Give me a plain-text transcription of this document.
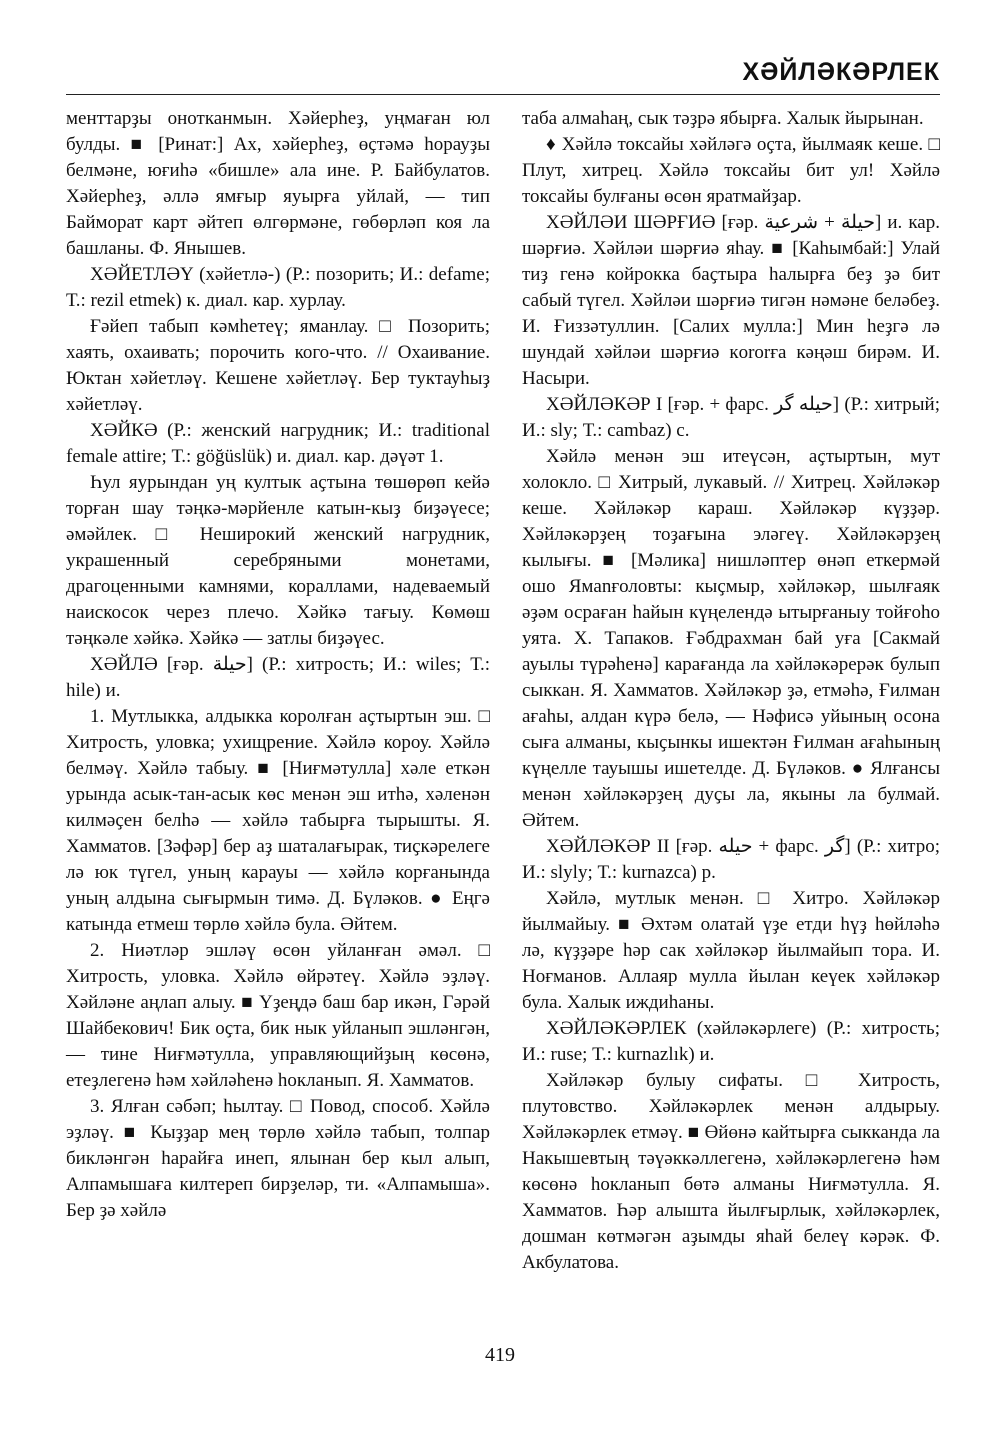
ХӘЙЛӘКӘРЛЕК

менттарҙы онотканмын. Хәйерһеҙ, уңмаған юл булды. ■ [Ринат:] Ах, хәйерһеҙ, өҫтәмә һорауҙы белмәне, юғиһә «бишле» ала ине. Р. Байбулатов. Хәйерһеҙ, әллә ямғыр яуырға уйлай, — тип Байморат карт әйтеп өлгөрмәне, гөбөрләп коя ла башланы. Ф. Янышев.

ХӘЙЕТЛӘҮ (хәйетлә-) (Р.: позорить; И.: defame; Т.: rezil etmek) к. диал. кар. хурлау.

Ғәйеп табып кәмһетеү; яманлау. □ Позорить; хаять, охаивать; порочить кого-что. // Охаивание. Юктан хәйетләү. Кешене хәйетләү. Бер туктауһыҙ хәйетләү.

ХӘЙКӘ (Р.: женский нагрудник; И.: traditional female attire; Т.: göğüslük) и. диал. кар. дәүәт 1.

Һул яурындан уң култык аҫтына төшөрөп кейә торған шау тәңкә-мәрйенле катын-кыҙ биҙәүесе; әмәйлек. □ Неширокий женский нагрудник, украшенный серебряными монетами, драгоценными камнями, кораллами, надеваемый наискосок через плечо. Хәйкә тағыу. Көмөш тәңкәле хәйкә. Хәйкә — затлы биҙәүес.

ХӘЙЛӘ [ғәр. حيلة] (Р.: хитрость; И.: wiles; Т.: hile) и.

1. Мутлыкка, алдыкка королған аҫтыртын эш. □ Хитрость, уловка; ухищрение. Хәйлә короу. Хәйлә белмәү. Хәйлә табыу. ■ [Ниғмәтулла] хәле еткән урында асык-тан-асык көс менән эш итһә, хәленән килмәҫен белһә — хәйлә табырға тырышты. Я. Хамматов. [Зәфәр] бер аҙ шаталағырак, тиҫкәрелеге лә юк түгел, уның карауы — хәйлә корғанында уның алдына сығырмын тимә. Д. Бүләков. ● Еңгә катында етмеш төрлө хәйлә була. Әйтем.

2. Ниәтләр эшләү өсөн уйланған әмәл. □ Хитрость, уловка. Хәйлә өйрәтеү. Хәйлә эҙләү. Хәйләне аңлап алыу. ■ Үҙеңдә баш бар икән, Гәрәй Шайбекович! Бик оҫта, бик нык уйланып эшләнгән, — тине Ниғмәтулла, управляющийҙың көсөнә, етеҙлегенә һәм хәйләһенә һокланып. Я. Хамматов.

3. Ялған сәбәп; һылтау. □ Повод, способ. Хәйлә эҙләү. ■ Кыҙҙар мең төрлө хәйлә табып, толпар бикләнгән һарайға инеп, ялынан бер кыл алып, Алпамышаға килтереп бирҙеләр, ти. «Алпамыша». Бер ҙә хәйлә

таба алмаһаң, сык тәҙрә ябырға. Халык йырынан.

♦ Хәйлә токсайы хәйләгә оҫта, йылмаяк кеше. □ Плут, хитрец. Хәйлә токсайы бит ул! Хәйлә токсайы булғаны өсөн яратмайҙар.

ХӘЙЛӘИ ШӘРҒИӘ [ғәр. حيلة + شرعية] и. кар. шәрғиә. Хәйләи шәрғиә яһау. ■ [Каһымбай:] Улай тиҙ генә койрокка баҫтыра һалырға беҙ ҙә бит сабый түгел. Хәйләи шәрғиә тигән нәмәне беләбеҙ. И. Ғиззәтуллин. [Салих мулла:] Мин һеҙгә лә шундай хәйләи шәрғиә кororға кәңәш бирәм. И. Насыри.

ХӘЙЛӘКӘР I [ғәр. + фарс. حيله گر] (Р.: хитрый; И.: sly; Т.: cambaz) с.

Хәйлә менән эш итеүсән, аҫтыртын, мут холоклo. □ Хитрый, лукавый. // Хитрец. Хәйләкәр кеше. Хәйләкәр караш. Хәйләкәр күҙҙәр. Хәйләкәрҙең тоҙағына эләгеү. Хәйләкәрҙең кылығы. ■ [Мәлика] нишләптер өнәп еткермәй ошо Ямanғоловты: кыҫмыр, хәйләкәр, шылғаяк әҙәм осраған һайын күңелендә ытырғаныу тойғоһо уята. Х. Тапаков. Ғәбдрахман бай уға [Сакмай ауылы түрәһенә] карағанда ла хәйләкәрерәк булып сыккан. Я. Хамматов. Хәйләкәр ҙә, етмәһә, Ғилман ағаһы, алдан күрә белә, — Нәфисә уйының осона сыға алманы, кыҫынкы ишектән Ғилман ағаһының күңелле тауышы ишетелде. Д. Бүләков. ● Ялғансы менән хәйләкәрҙең дуҫы ла, якыны ла булмай. Әйтем.

ХӘЙЛӘКӘР II [ғәр. حيله + фарс. گر] (Р.: хитро; И.: slyly; Т.: kurnazca) р.

Хәйлә, мутлык менән. □ Хитро. Хәйләкәр йылмайыу. ■ Әхтәм олатай үҙе етди һүҙ һөйләһә лә, күҙҙәре һәр сак хәйләкәр йылмайып тора. И. Ноғманов. Аллаяр мулла йылан кеүек хәйләкәр була. Халык иждиһаны.

ХӘЙЛӘКӘРЛЕК (хәйләкәрлеге) (Р.: хитрость; И.: ruse; Т.: kurnazlık) и.

Хәйләкәр булыу сифаты. □ Хитрость, плутовство. Хәйләкәрлек менән алдырыу. Хәйләкәрлек етмәү. ■ Өйөнә кайтырға сыкканда ла Накышевтың тәүәккәллегенә, хәйләкәрлегенә һәм көсөнә һокланып бөтә алманы Ниғмәтулла. Я. Хамматов. Һәр алышта йылғырлык, хәйләкәрлек, дошман көтмәгән аҙымды яһай белеү кәрәк. Ф. Акбулатова.

419
